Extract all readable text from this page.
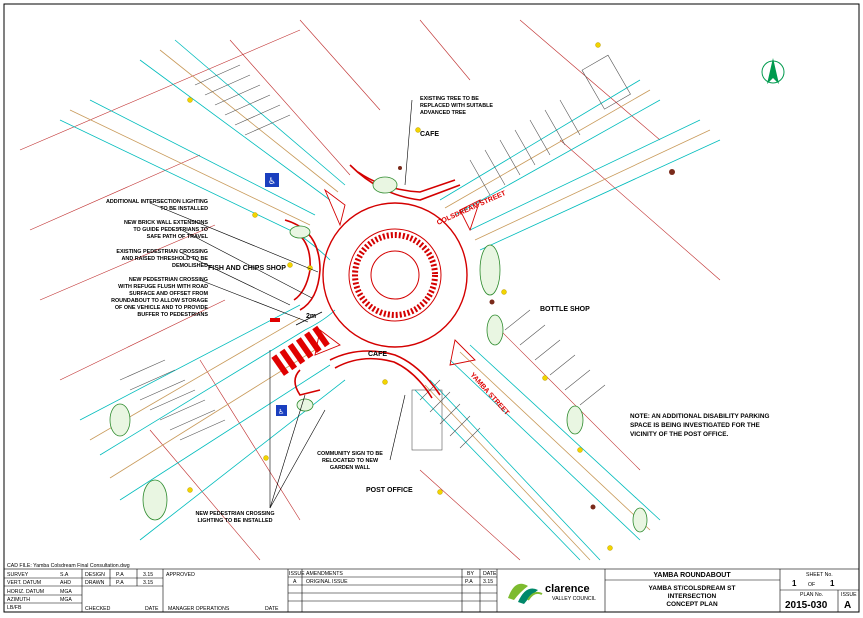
2m
♿
♿
CAFE
CAFE
BOTTLE SHOP
POST OFFICE
FISH AND CHIPS SHOP
COLSDREAM STREET
YAMBA STREET
EXISTING TREE TO BE
REPLACED WITH SUITABLE
ADVANCED TREE
ADDITIONAL INTERSECTION LIGHTING
TO BE INSTALLED
NEW BRICK WALL EXTENSIONS
TO GUIDE PEDESTRIANS TO
SAFE PATH OF TRAVEL
EXISTING PEDESTRIAN CROSSING
AND RAISED THRESHOLD TO BE
DEMOLISHED
NEW PEDESTRIAN CROSSING
WITH REFUGE FLUSH WITH ROAD
SURFACE AND OFFSET FROM
ROUNDABOUT TO ALLOW STORAGE
OF ONE VEHICLE AND TO PROVIDE
BUFFER TO PEDESTRIANS
COMMUNITY SIGN TO BE
RELOCATED TO NEW
GARDEN WALL
NEW PEDESTRIAN CROSSING
LIGHTING TO BE INSTALLED
NOTE: AN ADDITIONAL DISABILITY PARKING
SPACE IS BEING INVESTIGATED FOR THE
VICINITY OF THE POST OFFICE.
CAD FILE: Yamba Colsdream Final Consultation.dwg
SURVEY	S.A
VERT. DATUM	AHD
HORIZ. DATUM	MGA
AZIMUTH	MGA
LB/FB
DESIGN P.A	3.15
DRAWN P.A	3.15
APPROVED
CHECKED	DATE MANAGER OPERATIONS	DATE
ISSUE AMENDMENTS	BY DATE
A ORIGINAL ISSUE	P.A 3.15
clarence
VALLEY COUNCIL
YAMBA ROUNDABOUT
YAMBA ST/COLSDREAM ST
INTERSECTION
CONCEPT PLAN
SHEET No.
1 OF 1
PLAN No.
2015-030
ISSUE
A
